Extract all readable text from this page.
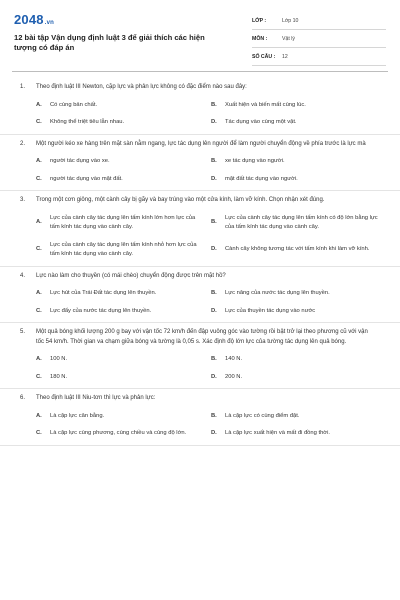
2048.vn
12 bài tập Vận dụng định luật 3 để giải thích các hiện tượng có đáp án
LỚP :	Lớp 10
MÔN :	Vật lý
SỐ CÂU :	12
1.	Theo định luật III Newton, cặp lực và phản lực không có đặc điểm nào sau đây:
A.	Có cùng bản chất.	B.	Xuất hiện và biến mất cùng lúc.
C.	Không thể triệt tiêu lẫn nhau.	D.	Tác dụng vào cùng một vật.
2.	Một người kéo xe hàng trên mặt sàn nằm ngang, lực tác dụng lên người để làm người chuyển động về phía trước là lực mà
A.	người tác dụng vào xe.	B.	xe tác dụng vào người.
C.	người tác dụng vào mặt đất.	D.	mặt đất tác dụng vào người.
3.	Trong một cơn giông, một cành cây bị gãy và bay trúng vào một cửa kính, làm vỡ kính. Chọn nhận xét đúng.
A.
Lực của cành cây tác dụng lên tấm kính lớn hơn lực của tấm kính tác dụng vào cành cây.
B.
Lực của cành cây tác dụng lên tấm kính có độ lớn bằng lực của tấm kính tác dụng vào cành cây.
C.
Lực của cành cây tác dụng lên tấm kính nhỏ hơn lực của tấm kính tác dụng vào cành cây.
D.	Cành cây không tương tác với tấm kính khi làm vỡ kính.
4.	Lực nào làm cho thuyền (có mái chèo) chuyển động được trên mặt hồ?
A.	Lực hút của Trái Đất tác dụng lên thuyền.	B.	Lực nâng của nước tác dụng lên thuyền.
C.	Lực đẩy của nước tác dụng lên thuyền.	D.	Lực của thuyền tác dụng vào nước
5.	Một quả bóng khối lượng 200 g bay với vận tốc 72 km/h đến đập vuông góc vào tường rồi bật trở lại theo phương cũ với vận tốc 54 km/h. Thời gian va chạm giữa bóng và tường là 0,05 s. Xác định độ lớn lực của tường tác dụng lên quả bóng.
A.	100 N.	B.	140 N.
C.	180 N.	D.	200 N.
6.	Theo định luật III Niu-tơn thì lực và phản lực:
A.	Là cặp lực cân bằng.	B.	Là cặp lực có cùng điểm đặt.
C.	Là cặp lực cùng phương, cùng chiều và cùng độ lớn.	D.	Là cặp lực xuất hiện và mất đi đồng thời.
